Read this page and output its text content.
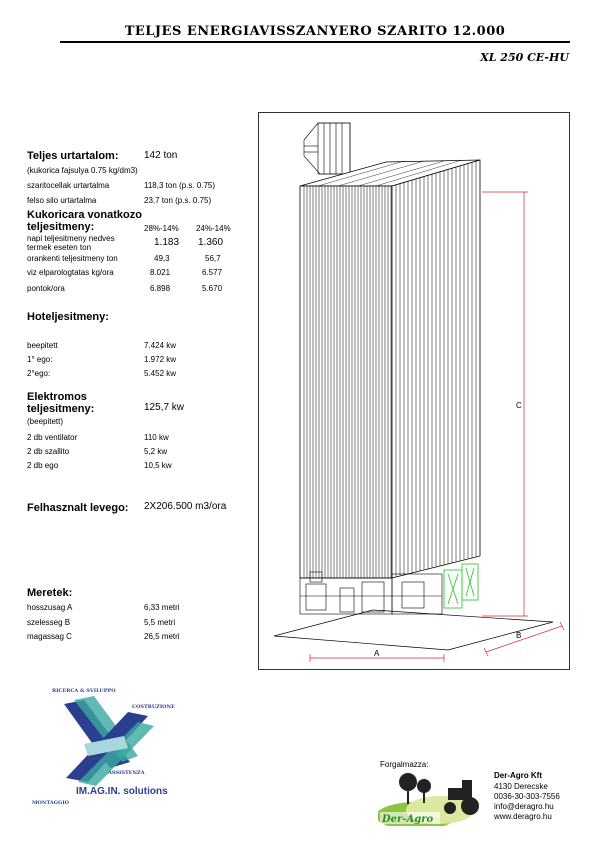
TELJES ENERGIAVISSZANYERO SZARITO 12.000
XL 250 CE-HU
Teljes urtartalom:	142 ton
(kukorica fajsulya 0.75 kg/dm3)
szaritocellak urtartalma	118,3 ton (p.s. 0.75)
felso silo urtartalma	23,7 ton (p.s. 0.75)
Kukoricara vonatkozo
teljesitmeny:	28%-14% 24%-14%
napi teljesitmeny nedves termek eseten ton	1.183 1.360
orankenti teljesitmeny ton	49,3	56,7
viz elparologtatas kg/ora	8.021	6.577
pontok/ora	6.898	5.670
Hoteljesitmeny:
beepitett	7.424 kw
1° ego:	1.972 kw
2°ego:	5.452 kw
Elektromos
teljesitmeny:	125,7 kw
(beepitett)
2 db ventilator	110 kw
2 db szallito	5,2 kw
2 db ego	10,5 kw
Felhasznalt levego: 2X206.500 m3/ora
Meretek:
hosszusag A	6,33 metri
szelesseg B	5,5 metri
magassag C	26,5 metri
C
A
B
RICERCA & SVILUPPO
COSTRUZIONE
ASSISTENZA
MONTAGGIO
IM.AG.IN. solutions
Forgalmazza:
Der-Agro
Der-Agro Kft
4130 Derecske
0036-30-303-7556
info@deragro.hu
www.deragro.hu
